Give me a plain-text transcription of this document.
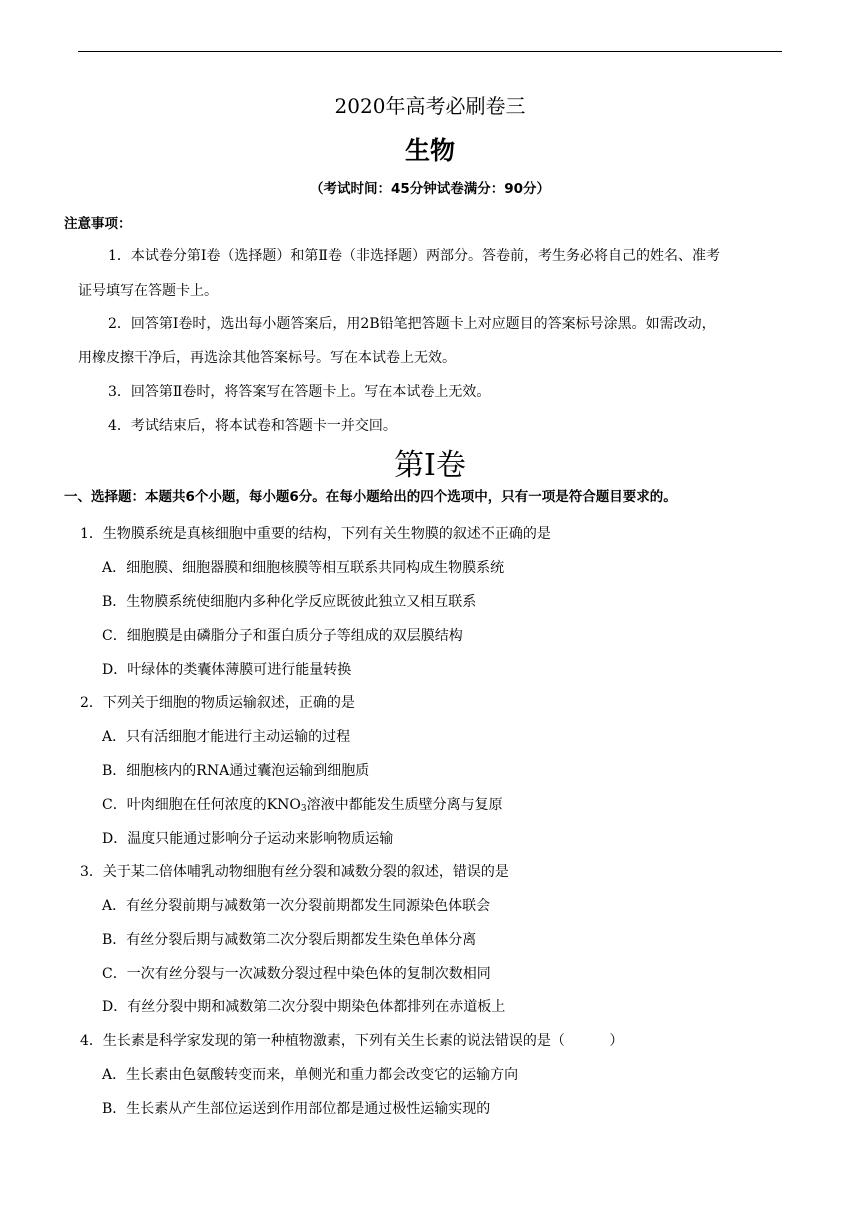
2020年高考必刷卷三
生物
（考试时间：45分钟试卷满分：90分）
注意事项：
1．本试卷分第Ⅰ卷（选择题）和第Ⅱ卷（非选择题）两部分。答卷前，考生务必将自己的姓名、准考
证号填写在答题卡上。
2．回答第Ⅰ卷时，选出每小题答案后，用2B铅笔把答题卡上对应题目的答案标号涂黑。如需改动，
用橡皮擦干净后，再选涂其他答案标号。写在本试卷上无效。
3．回答第Ⅱ卷时，将答案写在答题卡上。写在本试卷上无效。
4．考试结束后，将本试卷和答题卡一并交回。
第Ⅰ卷
一、选择题：本题共6个小题，每小题6分。在每小题给出的四个选项中，只有一项是符合题目要求的。
1．生物膜系统是真核细胞中重要的结构，下列有关生物膜的叙述不正确的是
A．细胞膜、细胞器膜和细胞核膜等相互联系共同构成生物膜系统
B．生物膜系统使细胞内多种化学反应既彼此独立又相互联系
C．细胞膜是由磷脂分子和蛋白质分子等组成的双层膜结构
D．叶绿体的类囊体薄膜可进行能量转换
2．下列关于细胞的物质运输叙述，正确的是
A．只有活细胞才能进行主动运输的过程
B．细胞核内的RNA通过囊泡运输到细胞质
C．叶肉细胞在任何浓度的$KNO_3$溶液中都能发生质壁分离与复原
D．温度只能通过影响分子运动来影响物质运输
3．关于某二倍体哺乳动物细胞有丝分裂和减数分裂的叙述，错误的是
A．有丝分裂前期与减数第一次分裂前期都发生同源染色体联会
B．有丝分裂后期与减数第二次分裂后期都发生染色单体分离
C．一次有丝分裂与一次减数分裂过程中染色体的复制次数相同
D．有丝分裂中期和减数第二次分裂中期染色体都排列在赤道板上
4．生长素是科学家发现的第一种植物激素，下列有关生长素的说法错误的是（          ）
A．生长素由色氨酸转变而来，单侧光和重力都会改变它的运输方向
B．生长素从产生部位运送到作用部位都是通过极性运输实现的
